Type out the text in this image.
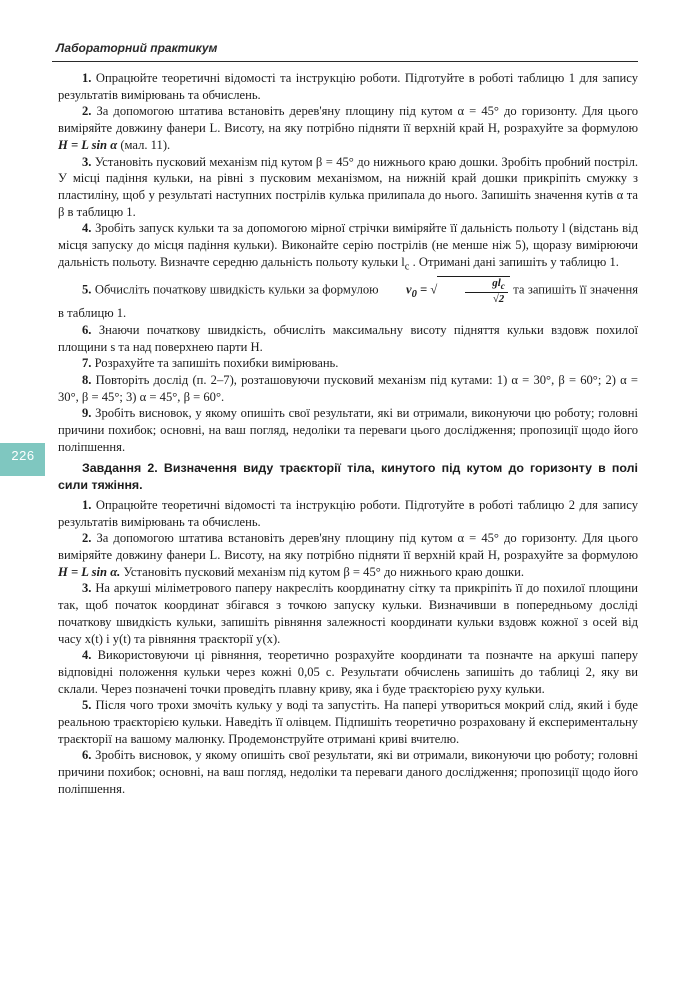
Лабораторний практикум
226

1. Опрацюйте теоретичні відомості та інструкцію роботи. Підготуйте в роботі таблицю 1 для запису результатів вимірювань та обчислень.

2. За допомогою штатива встановіть дерев'яну площину під кутом α = 45° до горизонту. Для цього виміряйте довжину фанери L. Висоту, на яку потрібно підняти її верхній край H, розрахуйте за формулою H = L sin α (мал. 11).

3. Установіть пусковий механізм під кутом β = 45° до нижнього краю дошки. Зробіть пробний постріл. У місці падіння кульки, на рівні з пусковим механізмом, на нижній край дошки прикріпіть смужку з пластиліну, щоб у результаті наступних пострілів кулька прилипала до нього. Запишіть значення кутів α та β в таблицю 1.

4. Зробіть запуск кульки та за допомогою мірної стрічки виміряйте її дальність польоту l (відстань від місця запуску до місця падіння кульки). Виконайте серію пострілів (не менше ніж 5), щоразу вимірюючи дальність польоту. Визначте середню дальність польоту кульки $l_c$ . Отримані дані запишіть у таблицю 1.

5. Обчисліть початкову швидкість кульки за формулою $v_0$ = √	$\frac{gl_c}{√2}$ та запишіть її значення в таблицю 1.

6. Знаючи початкову швидкість, обчисліть максимальну висоту підняття кульки вздовж похилої площини s та над поверхнею парти H.

7. Розрахуйте та запишіть похибки вимірювань.

8. Повторіть дослід (п. 2–7), розташовуючи пусковий механізм під кутами: 1) α = 30°, β = 60°; 2) α = 30°, β = 45°; 3) α = 45°, β = 60°.

9. Зробіть висновок, у якому опишіть свої результати, які ви отримали, виконуючи цю роботу; головні причини похибок; основні, на ваш погляд, недоліки та переваги цього дослідження; пропозиції щодо його поліпшення.

Завдання 2. Визначення виду траєкторії тіла, кинутого під кутом до горизонту в полі сили тяжіння.

1. Опрацюйте теоретичні відомості та інструкцію роботи. Підготуйте в роботі таблицю 2 для запису результатів вимірювань та обчислень.

2. За допомогою штатива встановіть дерев'яну площину під кутом α = 45° до горизонту. Для цього виміряйте довжину фанери L. Висоту, на яку потрібно підняти її верхній край H, розрахуйте за формулою H = L sin α. Установіть пусковий механізм під кутом β = 45° до нижнього краю дошки.

3. На аркуші міліметрового паперу накресліть координатну сітку та прикріпіть її до похилої площини так, щоб початок координат збігався з точкою запуску кульки. Визначивши в попередньому досліді початкову швидкість кульки, запишіть рівняння залежності координати кульки вздовж кожної з осей від часу x(t) і y(t) та рівняння траєкторії y(x).

4. Використовуючи ці рівняння, теоретично розрахуйте координати та позначте на аркуші паперу відповідні положення кульки через кожні 0,05 с. Результати обчислень запишіть до таблиці 2, яку ви склали. Через позначені точки проведіть плавну криву, яка і буде траєкторією руху кульки.

5. Після чого трохи змочіть кульку у воді та запустіть. На папері утвориться мокрий слід, який і буде реальною траєкторією кульки. Наведіть її олівцем. Підпишіть теоретично розраховану й експериментальну траєкторії на вашому малюнку. Продемонструйте отримані криві вчителю.

6. Зробіть висновок, у якому опишіть свої результати, які ви отримали, виконуючи цю роботу; головні причини похибок; основні, на ваш погляд, недоліки та переваги даного дослідження; пропозиції щодо його поліпшення.
